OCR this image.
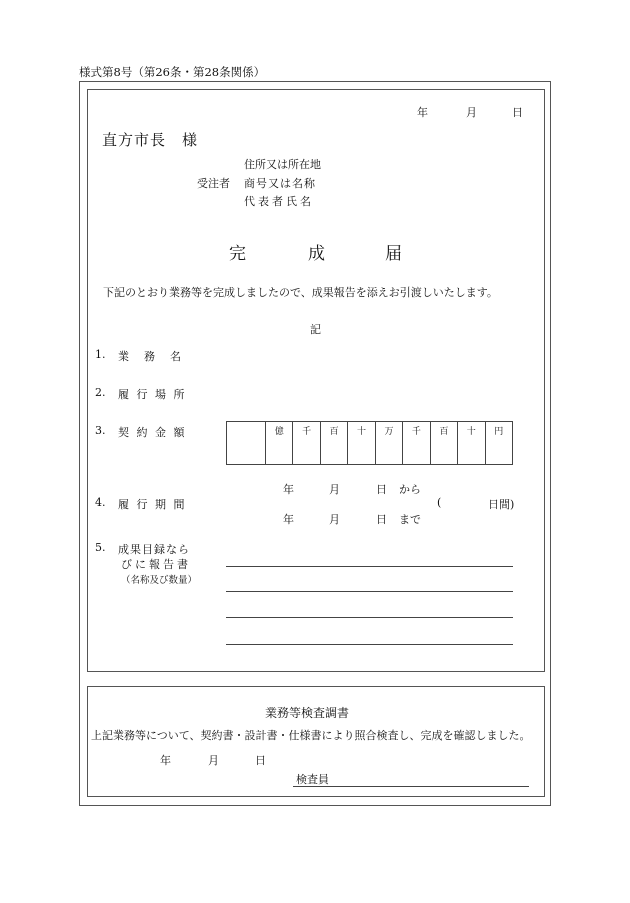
様式第8号（第26条・第28条関係）
年	月	日
直方市長　様
住所又は所在地
受注者 商号又は名称
代表者氏名
完	成	届
下記のとおり業務等を完成しましたので、成果報告を添えお引渡しいたします。
記
1. 業　務　名
2. 履 行 場 所
3. 契 約 金 額
		億	千	百	十	万	千	百	十	円
4. 履 行 期 間
年	月	日 から
(	日間)
年	月	日 まで
5. 成果目録なら
びに報告書
（名称及び数量）
業務等検査調書
上記業務等について、契約書・設計書・仕様書により照合検査し、完成を確認しました。
年	月	日
検査員
